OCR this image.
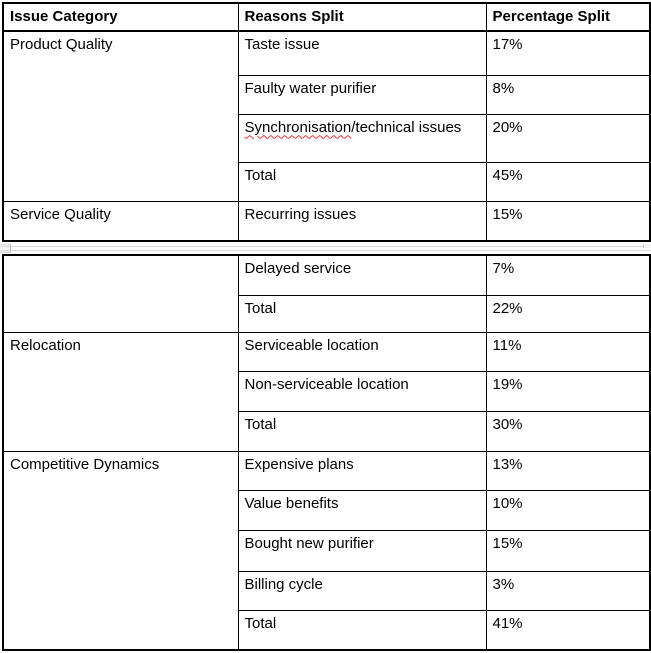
Issue Category	Reasons Split	Percentage Split
Product Quality	Taste issue	17%
	Faulty water purifier	8%
	Synchronisation/technical issues	20%
	Total	45%
Service Quality	Recurring issues	15%
	Delayed service	7%
	Total	22%
Relocation	Serviceable location	11%
	Non-serviceable location	19%
	Total	30%
Competitive Dynamics	Expensive plans	13%
	Value benefits	10%
	Bought new purifier	15%
	Billing cycle	3%
	Total	41%
